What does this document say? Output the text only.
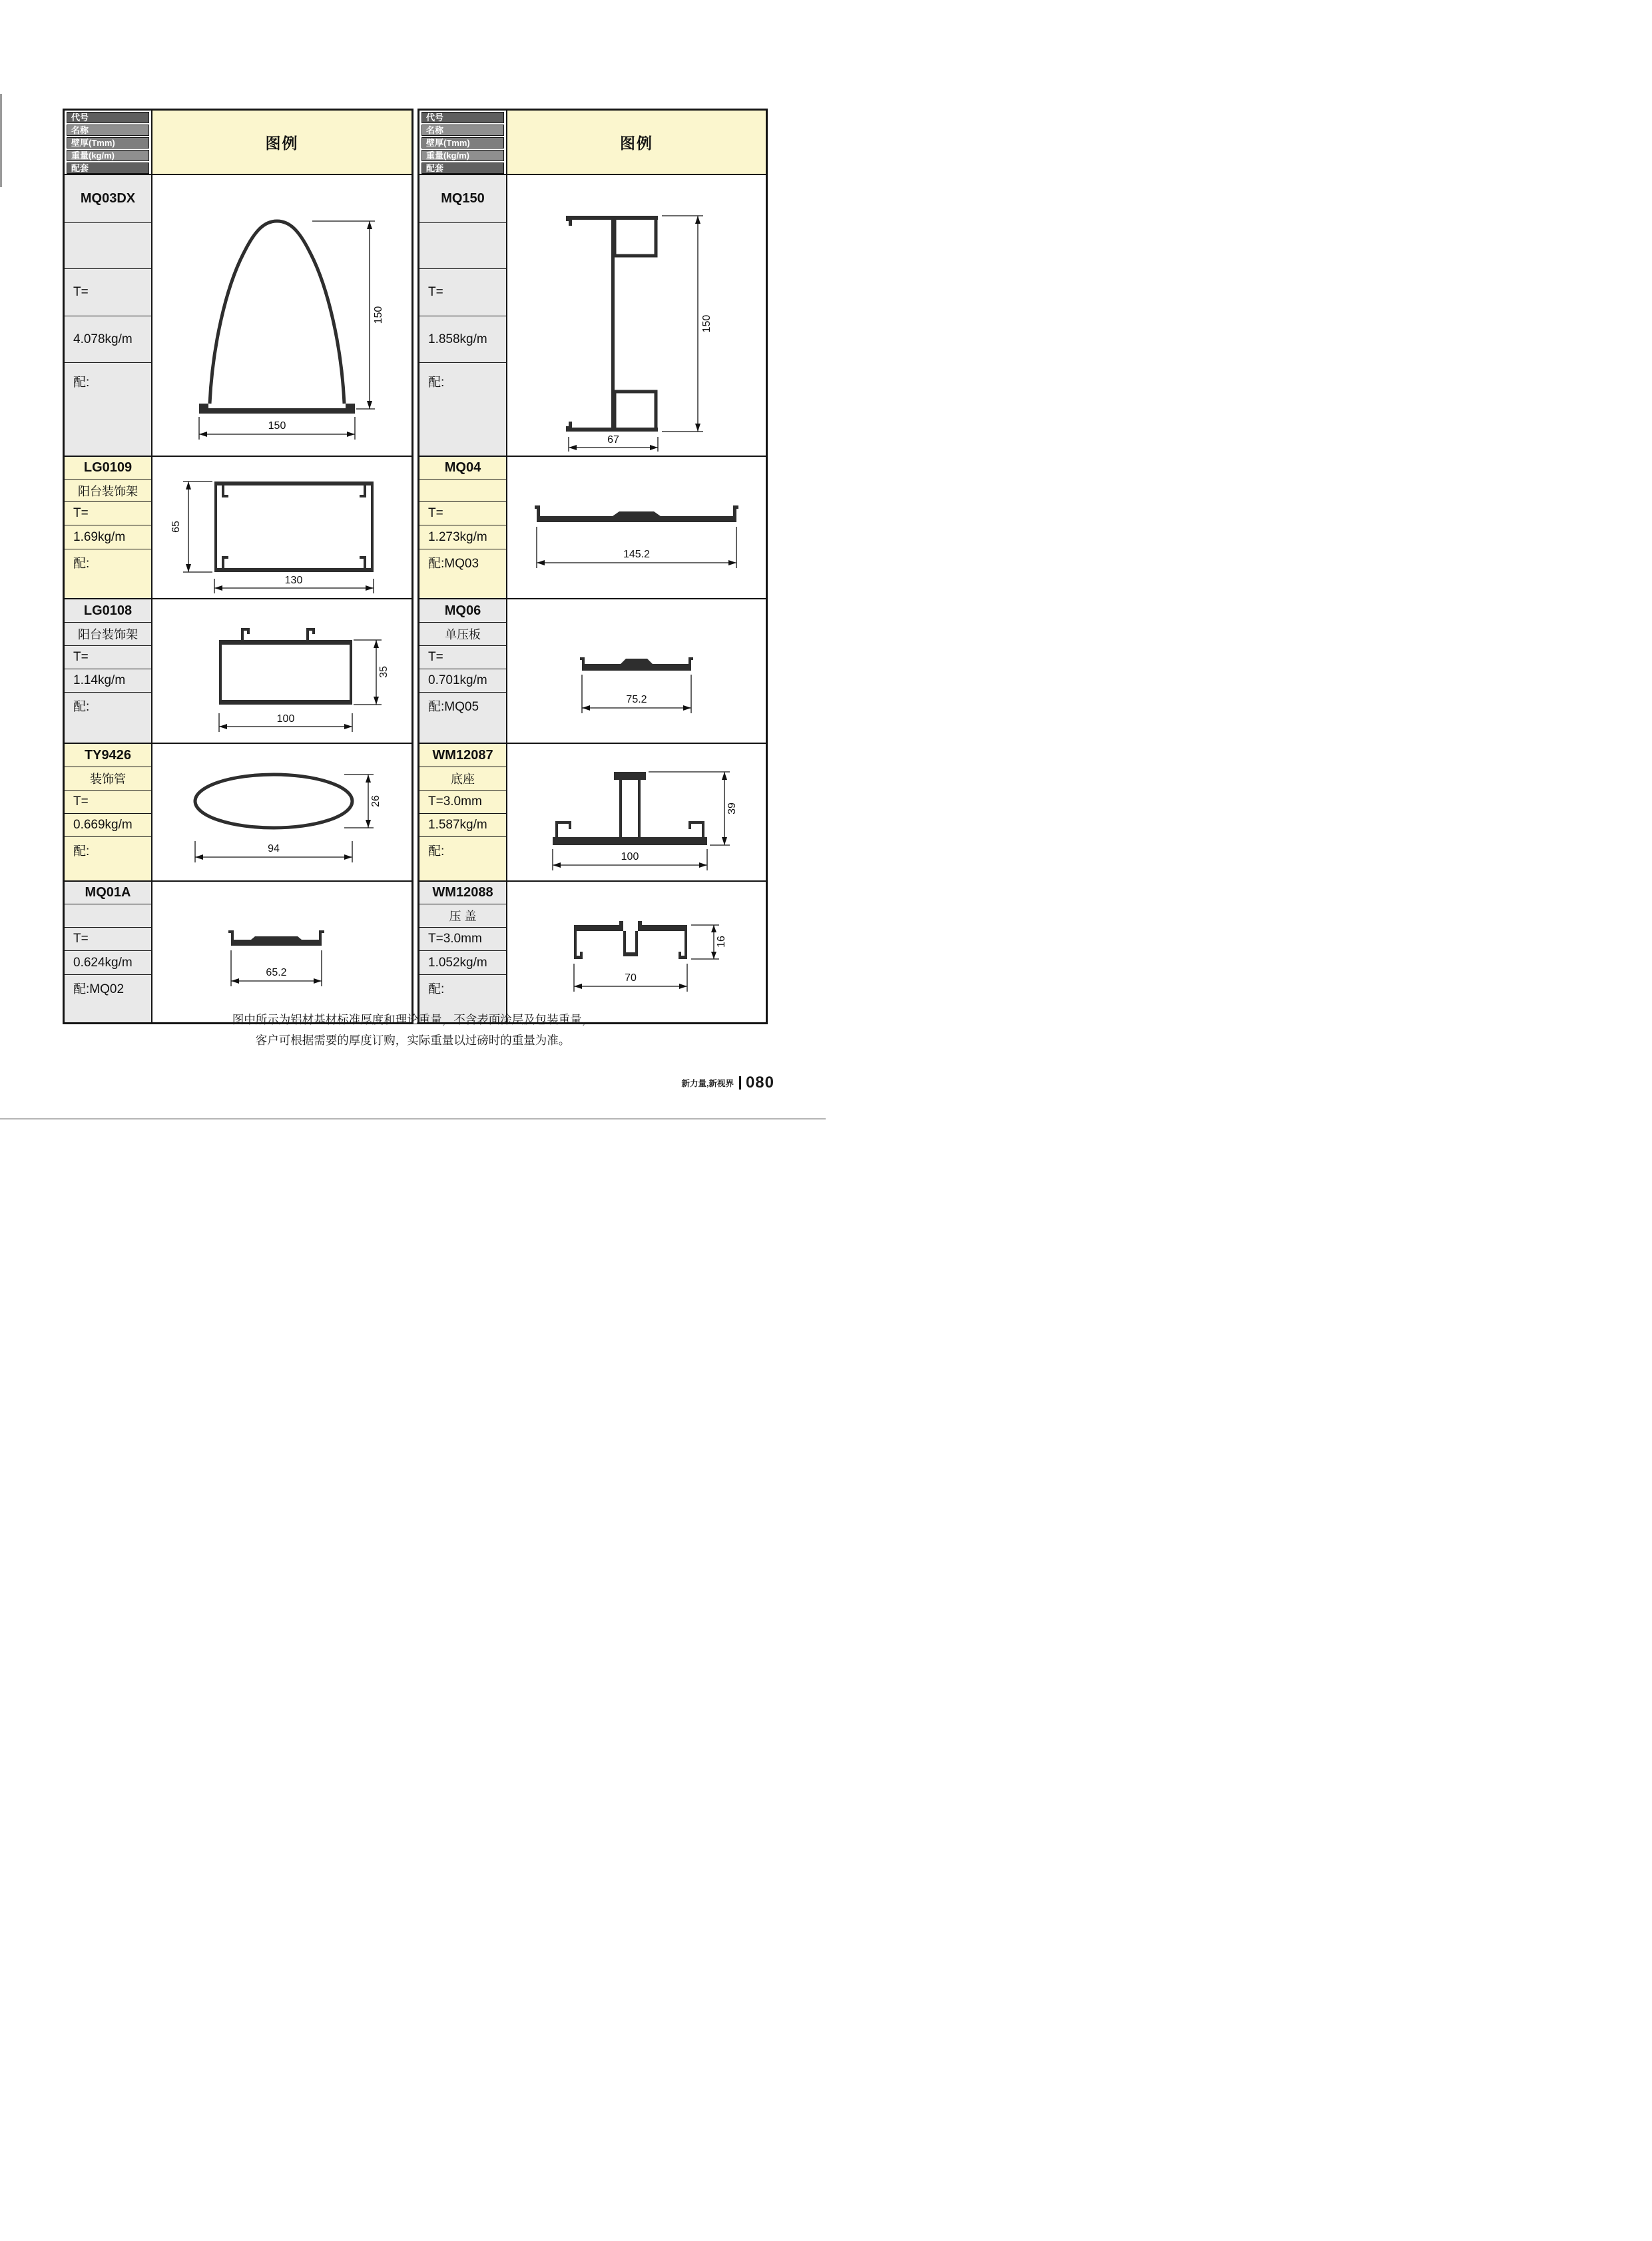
代号
名称
壁厚(Tmm)
重量(kg/m)
配套
图例
MQ03DX
T=
4.078kg/m
配:
150
150
LG0109
阳台装饰架
T=
1.69kg/m
配:
65
130
LG0108
阳台装饰架
T=
1.14kg/m
配:
35
100
TY9426
装饰管
T=
0.669kg/m
配:
26
94
MQ01A
T=
0.624kg/m
配:MQ02
65.2
代号
名称
壁厚(Tmm)
重量(kg/m)
配套
图例
MQ150
T=
1.858kg/m
配:
150
67
MQ04
T=
1.273kg/m
配:MQ03
145.2
MQ06
单压板
T=
0.701kg/m
配:MQ05
75.2
WM12087
底座
T=3.0mm
1.587kg/m
配:
39
100
WM12088
压 盖
T=3.0mm
1.052kg/m
配:
16
70
图中所示为铝材基材标准厚度和理论重量，不含表面涂层及包装重量，
客户可根据需要的厚度订购，实际重量以过磅时的重量为准。
新力量,新视界 080
